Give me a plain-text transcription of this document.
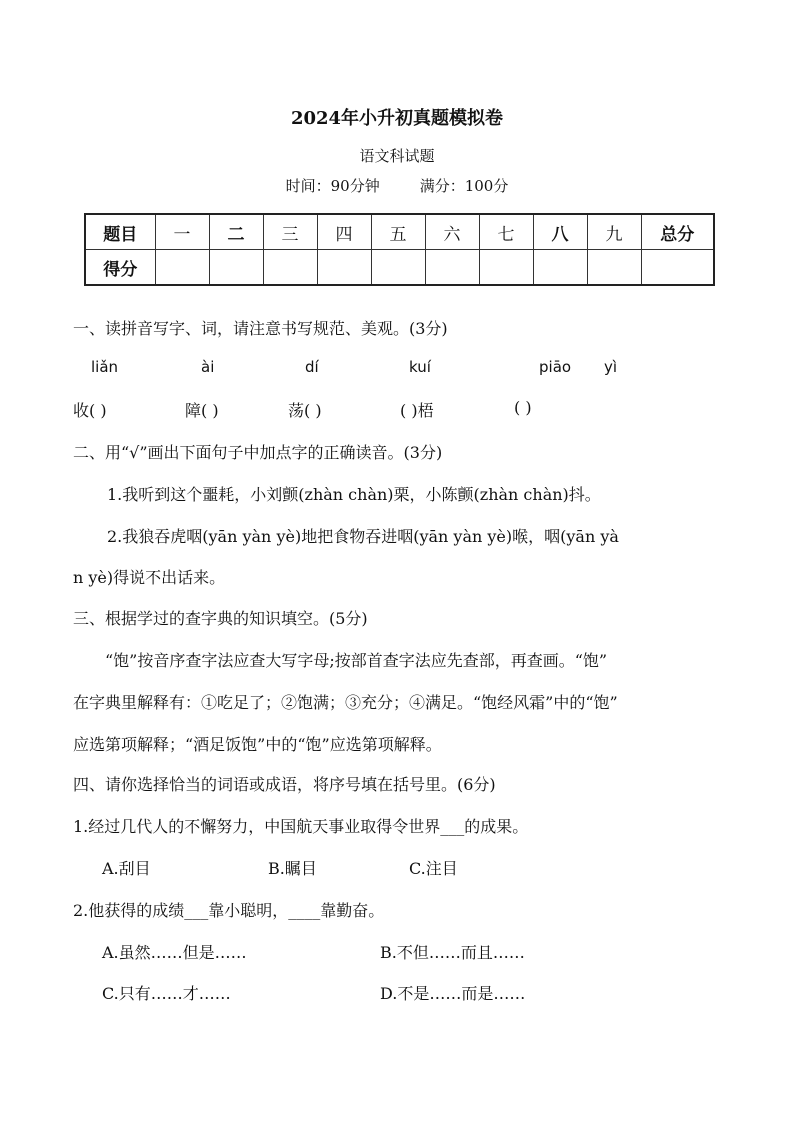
2024年小升初真题模拟卷
语文科试题
时间：90分钟	满分：100分
题目	一	二	三	四	五	六	七	八	九	总分
得分										
一、读拼音写字、词，请注意书写规范、美观。(3分)
liǎn	ài	dí	kuí	piāo yì
收( )	障( )	荡( )	( )梧	( )
二、用“√”画出下面句子中加点字的正确读音。(3分)
1.我听到这个噩耗，小刘颤(zhàn chàn)栗，小陈颤(zhàn chàn)抖。
2.我狼吞虎咽(yān yàn yè)地把食物吞进咽(yān yàn yè)喉，咽(yān yà
n yè)得说不出话来。
三、根据学过的查字典的知识填空。(5分)
“饱”按音序查字法应查大写字母;按部首查字法应先查部，再查画。“饱”
在字典里解释有：①吃足了；②饱满；③充分；④满足。“饱经风霜”中的“饱”
应选第项解释；“酒足饭饱”中的“饱”应选第项解释。
四、请你选择恰当的词语或成语，将序号填在括号里。(6分)
1.经过几代人的不懈努力，中国航天事业取得令世界___的成果。
A.刮目	B.瞩目	C.注目
2.他获得的成绩___靠小聪明，____靠勤奋。
A.虽然……但是……	B.不但……而且……
C.只有……才……	D.不是……而是……
